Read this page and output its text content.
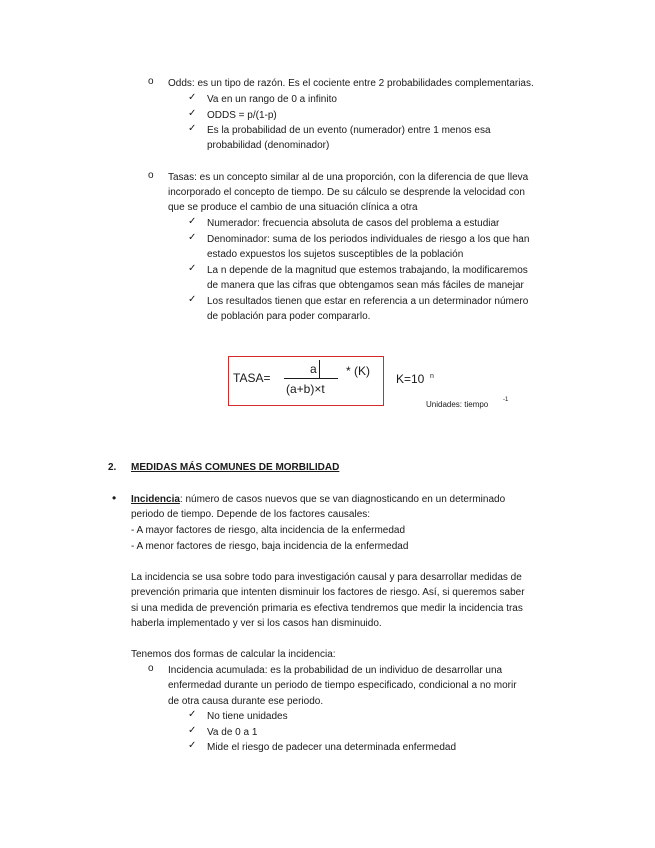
o Odds: es un tipo de razón. Es el cociente entre 2 probabilidades complementarias.
✓ Va en un rango de 0 a infinito
✓ ODDS = p/(1-p)
✓ Es la probabilidad de un evento (numerador) entre 1 menos esa
probabilidad (denominador)
o Tasas: es un concepto similar al de una proporción, con la diferencia de que lleva
incorporado el concepto de tiempo. De su cálculo se desprende la velocidad con
que se produce el cambio de una situación clínica a otra
✓ Numerador: frecuencia absoluta de casos del problema a estudiar
✓ Denominador: suma de los periodos individuales de riesgo a los que han
estado expuestos los sujetos susceptibles de la población
✓ La n depende de la magnitud que estemos trabajando, la modificaremos
de manera que las cifras que obtengamos sean más fáciles de manejar
✓ Los resultados tienen que estar en referencia a un determinador número
de población para poder compararlo.
TASA=
a
(a+b)×t
* (K)
K=10 n
Unidades: tiempo -1
2. MEDIDAS MÁS COMUNES DE MORBILIDAD
• Incidencia: número de casos nuevos que se van diagnosticando en un determinado
periodo de tiempo. Depende de los factores causales:
- A mayor factores de riesgo, alta incidencia de la enfermedad
- A menor factores de riesgo, baja incidencia de la enfermedad
La incidencia se usa sobre todo para investigación causal y para desarrollar medidas de
prevención primaria que intenten disminuir los factores de riesgo. Así, si queremos saber
si una medida de prevención primaria es efectiva tendremos que medir la incidencia tras
haberla implementado y ver si los casos han disminuido.
Tenemos dos formas de calcular la incidencia:
o Incidencia acumulada: es la probabilidad de un individuo de desarrollar una
enfermedad durante un periodo de tiempo especificado, condicional a no morir
de otra causa durante ese periodo.
✓ No tiene unidades
✓ Va de 0 a 1
✓ Mide el riesgo de padecer una determinada enfermedad
